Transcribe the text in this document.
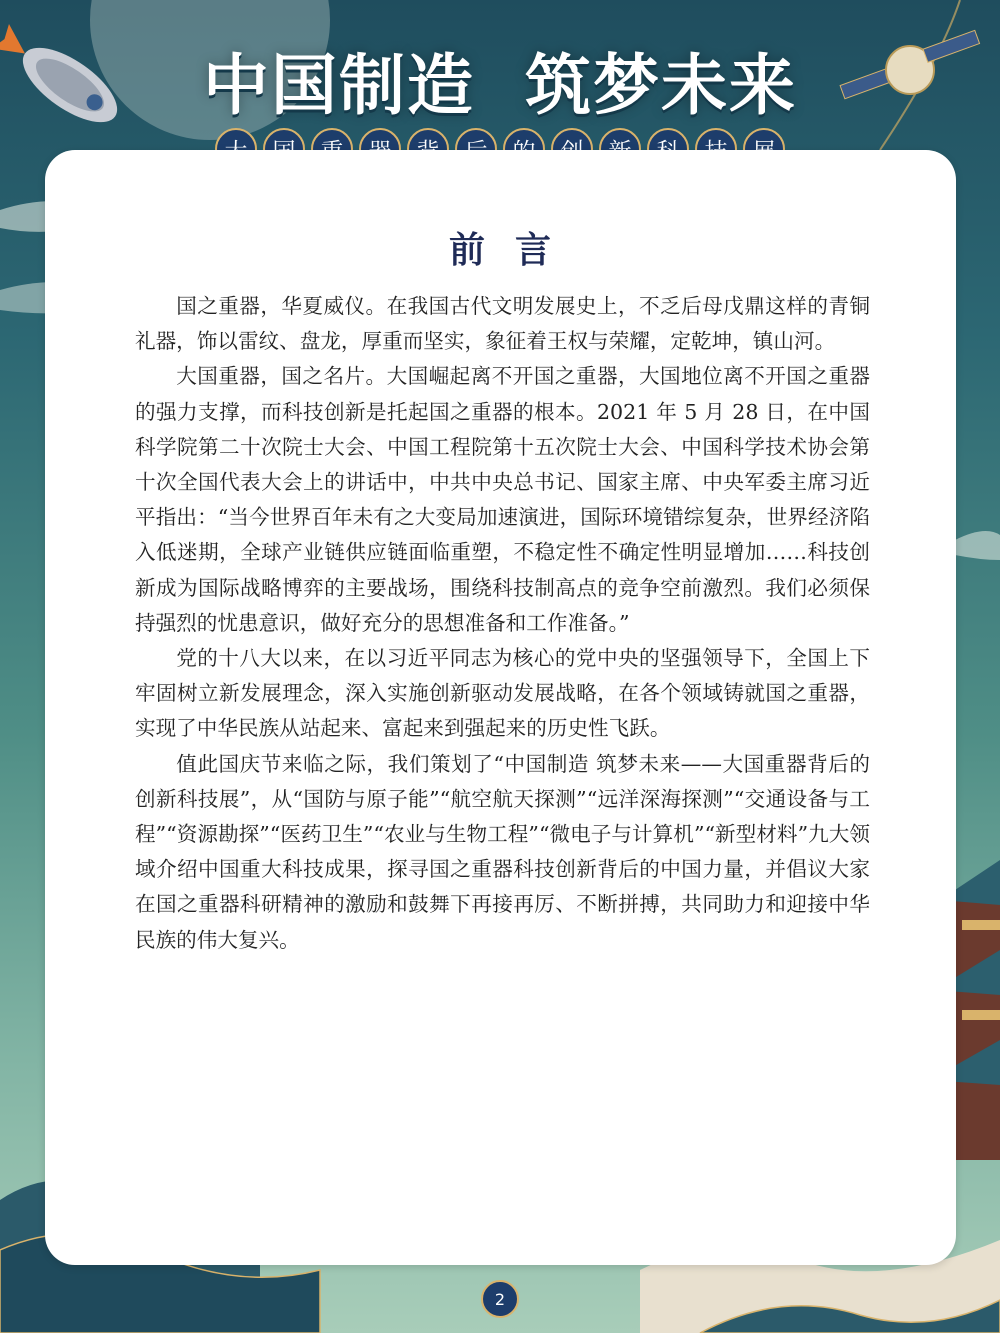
中国制造  筑梦未来
前言

国之重器，华夏威仪。在我国古代文明发展史上，不乏后母戊鼎这样的青铜礼器，饰以雷纹、盘龙，厚重而坚实，象征着王权与荣耀，定乾坤，镇山河。

大国重器，国之名片。大国崛起离不开国之重器，大国地位离不开国之重器的强力支撑，而科技创新是托起国之重器的根本。2021 年 5 月 28 日，在中国科学院第二十次院士大会、中国工程院第十五次院士大会、中国科学技术协会第十次全国代表大会上的讲话中，中共中央总书记、国家主席、中央军委主席习近平指出：“当今世界百年未有之大变局加速演进，国际环境错综复杂，世界经济陷入低迷期，全球产业链供应链面临重塑，不稳定性不确定性明显增加……科技创新成为国际战略博弈的主要战场，围绕科技制高点的竞争空前激烈。我们必须保持强烈的忧患意识，做好充分的思想准备和工作准备。”

党的十八大以来，在以习近平同志为核心的党中央的坚强领导下，全国上下牢固树立新发展理念，深入实施创新驱动发展战略，在各个领域铸就国之重器，实现了中华民族从站起来、富起来到强起来的历史性飞跃。

值此国庆节来临之际，我们策划了“中国制造 筑梦未来——大国重器背后的创新科技展”，从“国防与原子能”“航空航天探测”“远洋深海探测”“交通设备与工程”“资源勘探”“医药卫生”“农业与生物工程”“微电子与计算机”“新型材料”九大领域介绍中国重大科技成果，探寻国之重器科技创新背后的中国力量，并倡议大家在国之重器科研精神的激励和鼓舞下再接再厉、不断拼搏，共同助力和迎接中华民族的伟大复兴。

2
